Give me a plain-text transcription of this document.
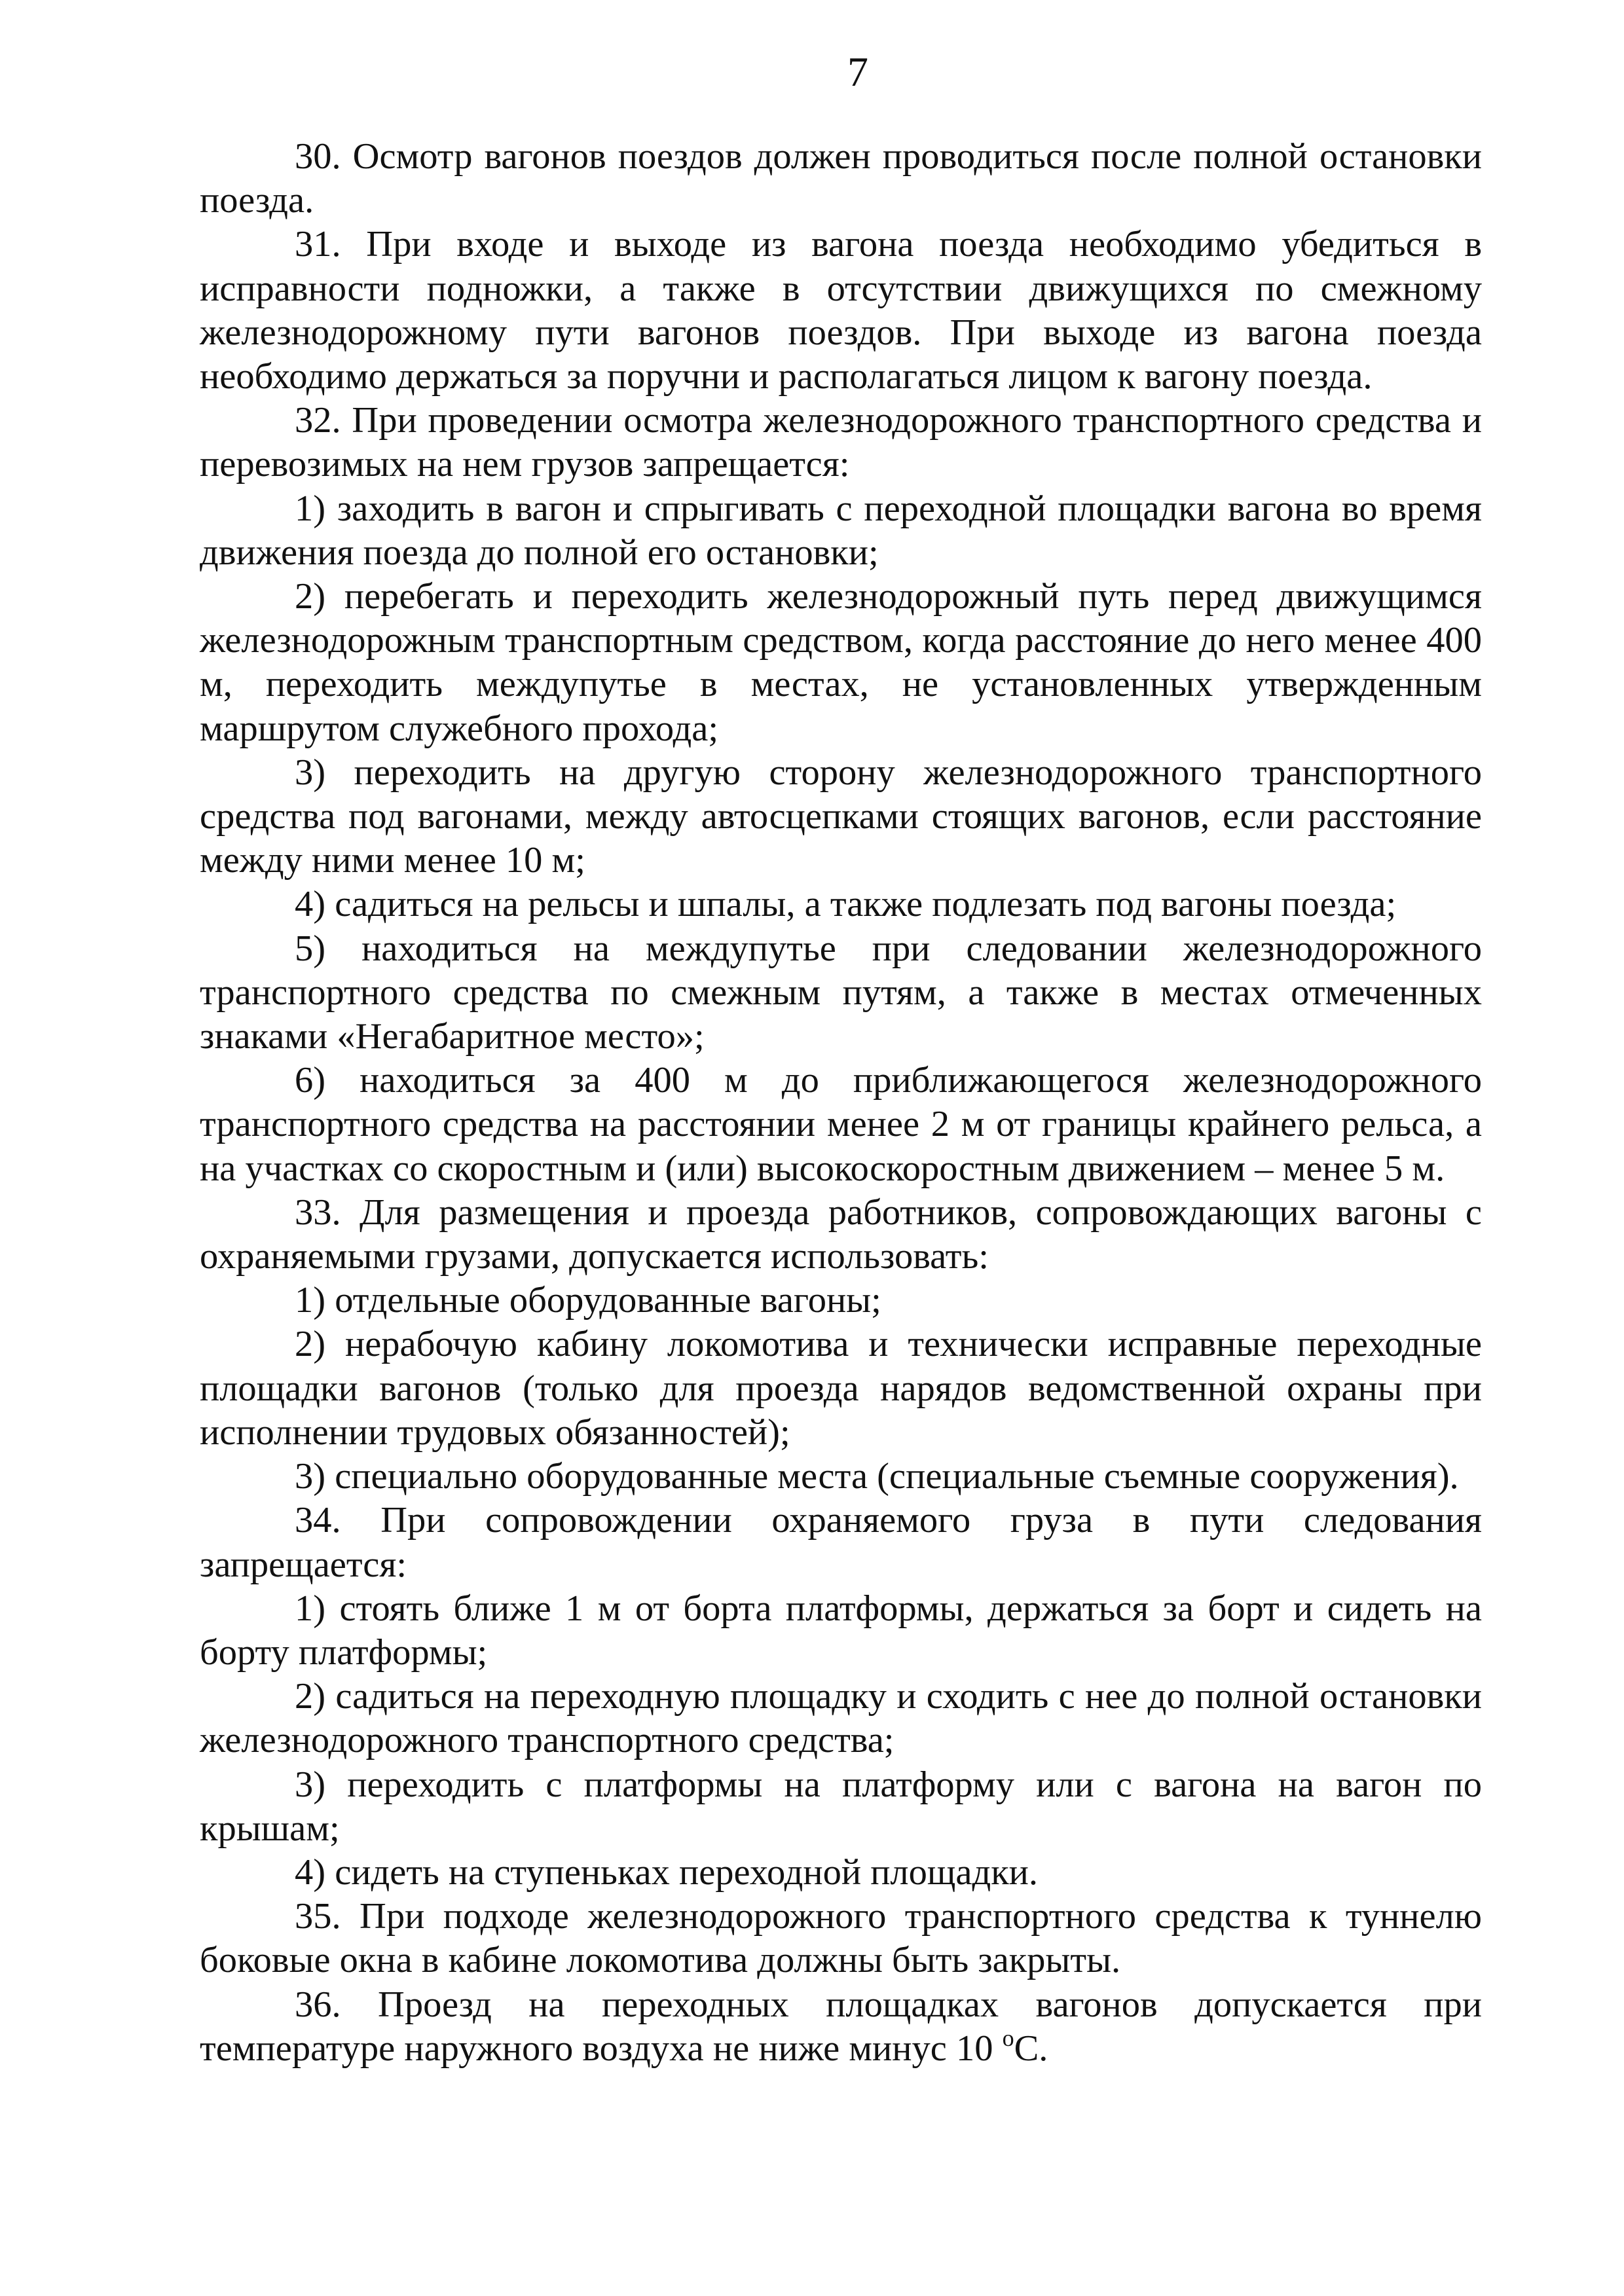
7

30. Осмотр вагонов поездов должен проводиться после полной остановки поезда.

31. При входе и выходе из вагона поезда необходимо убедиться в исправности подножки, а также в отсутствии движущихся по смежному железнодорожному пути вагонов поездов. При выходе из вагона поезда необходимо держаться за поручни и располагаться лицом к вагону поезда.

32. При проведении осмотра железнодорожного транспортного средства и перевозимых на нем грузов запрещается:

1) заходить в вагон и спрыгивать с переходной площадки вагона во время движения поезда до полной его остановки;

2) перебегать и переходить железнодорожный путь перед движущимся железнодорожным транспортным средством, когда расстояние до него менее 400 м, переходить междупутье в местах, не установленных утвержденным маршрутом служебного прохода;

3) переходить на другую сторону железнодорожного транспортного средства под вагонами, между автосцепками стоящих вагонов, если расстояние между ними менее 10 м;

4) садиться на рельсы и шпалы, а также подлезать под вагоны поезда;

5) находиться на междупутье при следовании железнодорожного транспортного средства по смежным путям, а также в местах отмеченных знаками «Негабаритное место»;

6) находиться за 400 м до приближающегося железнодорожного транспортного средства на расстоянии менее 2 м от границы крайнего рельса, а на участках со скоростным и (или) высокоскоростным движением – менее 5 м.

33. Для размещения и проезда работников, сопровождающих вагоны с охраняемыми грузами, допускается использовать:

1) отдельные оборудованные вагоны;

2) нерабочую кабину локомотива и технически исправные переходные площадки вагонов (только для проезда нарядов ведомственной охраны при исполнении трудовых обязанностей);

3) специально оборудованные места (специальные съемные сооружения).

34. При сопровождении охраняемого груза в пути следования запрещается:

1) стоять ближе 1 м от борта платформы, держаться за борт и сидеть на борту платформы;

2) садиться на переходную площадку и сходить с нее до полной остановки железнодорожного транспортного средства;

3) переходить с платформы на платформу или с вагона на вагон по крышам;

4) сидеть на ступеньках переходной площадки.

35. При подходе железнодорожного транспортного средства к туннелю боковые окна в кабине локомотива должны быть закрыты.

36. Проезд на переходных площадках вагонов допускается при температуре наружного воздуха не ниже минус 10 $^о$С.
